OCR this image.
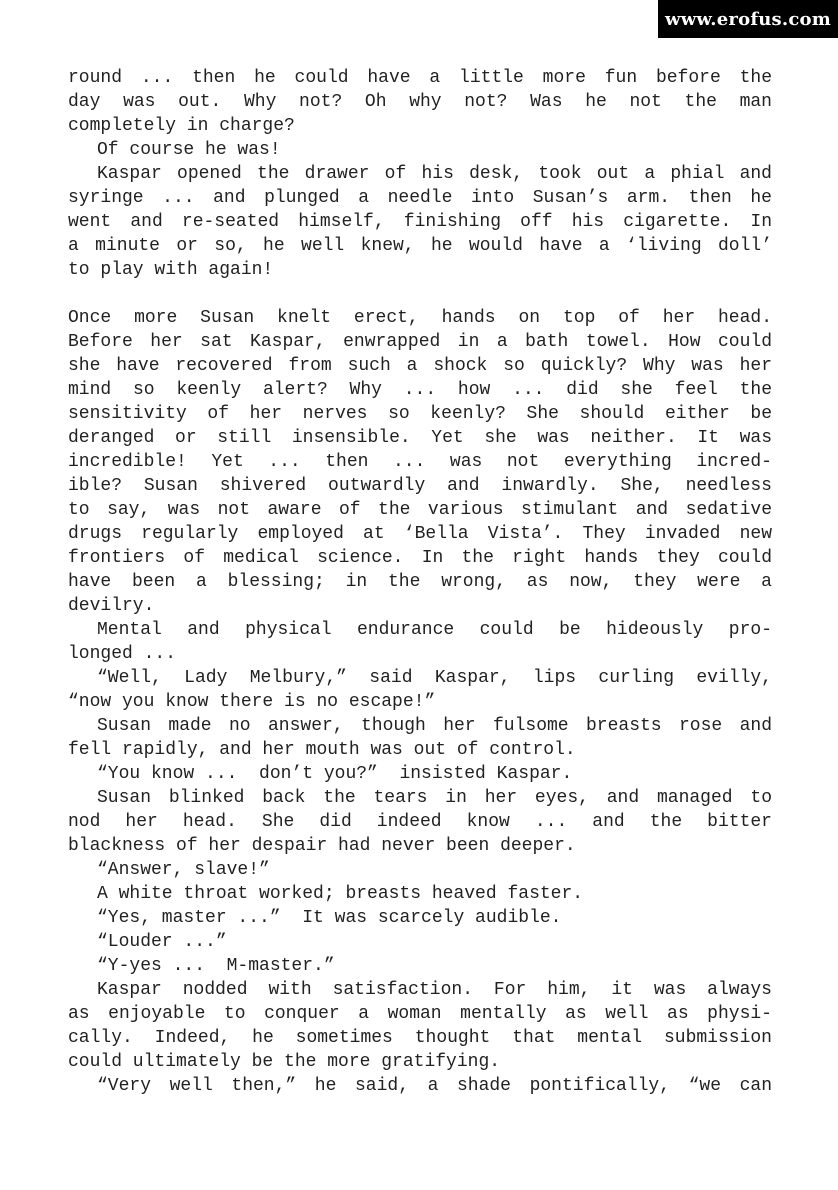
www.erofus.com
round ... then he could have a little more fun before the
day was out. Why not? Oh why not? Was he not the man
completely in charge?
Of course he was!
Kaspar opened the drawer of his desk, took out a phial and
syringe ... and plunged a needle into Susan’s arm. then he
went and re-seated himself, finishing off his cigarette. In
a minute or so, he well knew, he would have a ‘living doll’
to play with again!
Once more Susan knelt erect, hands on top of her head.
Before her sat Kaspar, enwrapped in a bath towel. How could
she have recovered from such a shock so quickly? Why was her
mind so keenly alert? Why ... how ... did she feel the
sensitivity of her nerves so keenly? She should either be
deranged or still insensible. Yet she was neither. It was
incredible! Yet ... then ... was not everything incred-
ible? Susan shivered outwardly and inwardly. She, needless
to say, was not aware of the various stimulant and sedative
drugs regularly employed at ‘Bella Vista’. They invaded new
frontiers of medical science. In the right hands they could
have been a blessing; in the wrong, as now, they were a
devilry.
Mental and physical endurance could be hideously pro-
longed ...
“Well, Lady Melbury,” said Kaspar, lips curling evilly,
“now you know there is no escape!”
Susan made no answer, though her fulsome breasts rose and
fell rapidly, and her mouth was out of control.
“You know ...  don’t you?”  insisted Kaspar.
Susan blinked back the tears in her eyes, and managed to
nod her head. She did indeed know ... and the bitter
blackness of her despair had never been deeper.
“Answer, slave!”
A white throat worked; breasts heaved faster.
“Yes, master ...”  It was scarcely audible.
“Louder ...”
“Y-yes ...  M-master.”
Kaspar nodded with satisfaction. For him, it was always
as enjoyable to conquer a woman mentally as well as physi-
cally. Indeed, he sometimes thought that mental submission
could ultimately be the more gratifying.
“Very well then,” he said, a shade pontifically, “we can
